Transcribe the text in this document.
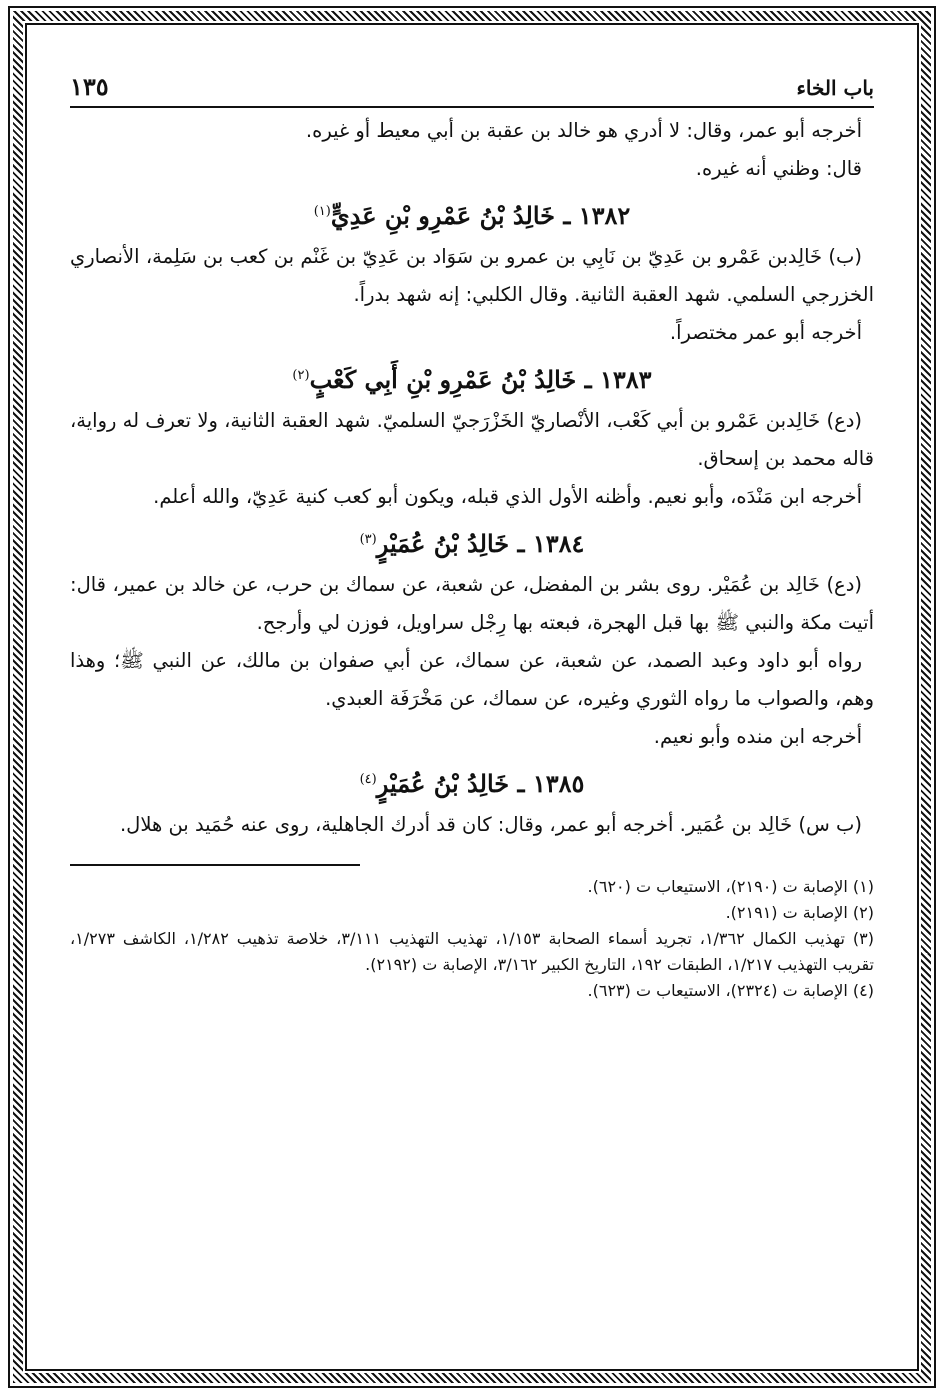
باب الخاء
١٣٥

أخرجه أبو عمر، وقال: لا أدري هو خالد بن عقبة بن أبي معيط أو غيره.

قال: وظني أنه غيره.

١٣٨٢ ـ خَالِدُ بْنُ عَمْرِو بْنِ عَدِيٍّ$^{(١)}$

(ب) خَالِدبن عَمْرو بن عَدِيّ بن نَابِي بن عمرو بن سَوَاد بن عَدِيّ بن غَنْم بن كعب بن سَلِمة، الأنصاري الخزرجي السلمي. شهد العقبة الثانية. وقال الكلبي: إنه شهد بدراً.

أخرجه أبو عمر مختصراً.

١٣٨٣ ـ خَالِدُ بْنُ عَمْرِو بْنِ أَبِي كَعْبٍ$^{(٢)}$

(دع) خَالِدبن عَمْرو بن أبي كَعْب، الأنْصاريّ الخَزْرَجيّ السلميّ. شهد العقبة الثانية، ولا تعرف له رواية، قاله محمد بن إسحاق.

أخرجه ابن مَنْدَه، وأبو نعيم. وأظنه الأول الذي قبله، ويكون أبو كعب كنية عَدِيّ، والله أعلم.

١٣٨٤ ـ خَالِدُ بْنُ عُمَيْرٍ$^{(٣)}$

(دع) خَالِد بن عُمَيْر. روى بشر بن المفضل، عن شعبة، عن سماك بن حرب، عن خالد بن عمير، قال: أتيت مكة والنبي ﷺ بها قبل الهجرة، فبعته بها رِجْل سراويل، فوزن لي وأرجح.

رواه أبو داود وعبد الصمد، عن شعبة، عن سماك، عن أبي صفوان بن مالك، عن النبي ﷺ؛ وهذا وهم، والصواب ما رواه الثوري وغيره، عن سماك، عن مَخْرَفَة العبدي.

أخرجه ابن منده وأبو نعيم.

١٣٨٥ ـ خَالِدُ بْنُ عُمَيْرٍ$^{(٤)}$

(ب س) خَالِد بن عُمَير. أخرجه أبو عمر، وقال: كان قد أدرك الجاهلية، روى عنه حُمَيد بن هلال.

(١) الإصابة ت (٢١٩٠)، الاستيعاب ت (٦٢٠).

(٢) الإصابة ت (٢١٩١).

(٣) تهذيب الكمال ١/٣٦٢، تجريد أسماء الصحابة ١/١٥٣، تهذيب التهذيب ٣/١١١، خلاصة تذهيب ١/٢٨٢، الكاشف ١/٢٧٣، تقريب التهذيب ١/٢١٧، الطبقات ١٩٢، التاريخ الكبير ٣/١٦٢، الإصابة ت (٢١٩٢).

(٤) الإصابة ت (٢٣٢٤)، الاستيعاب ت (٦٢٣).
